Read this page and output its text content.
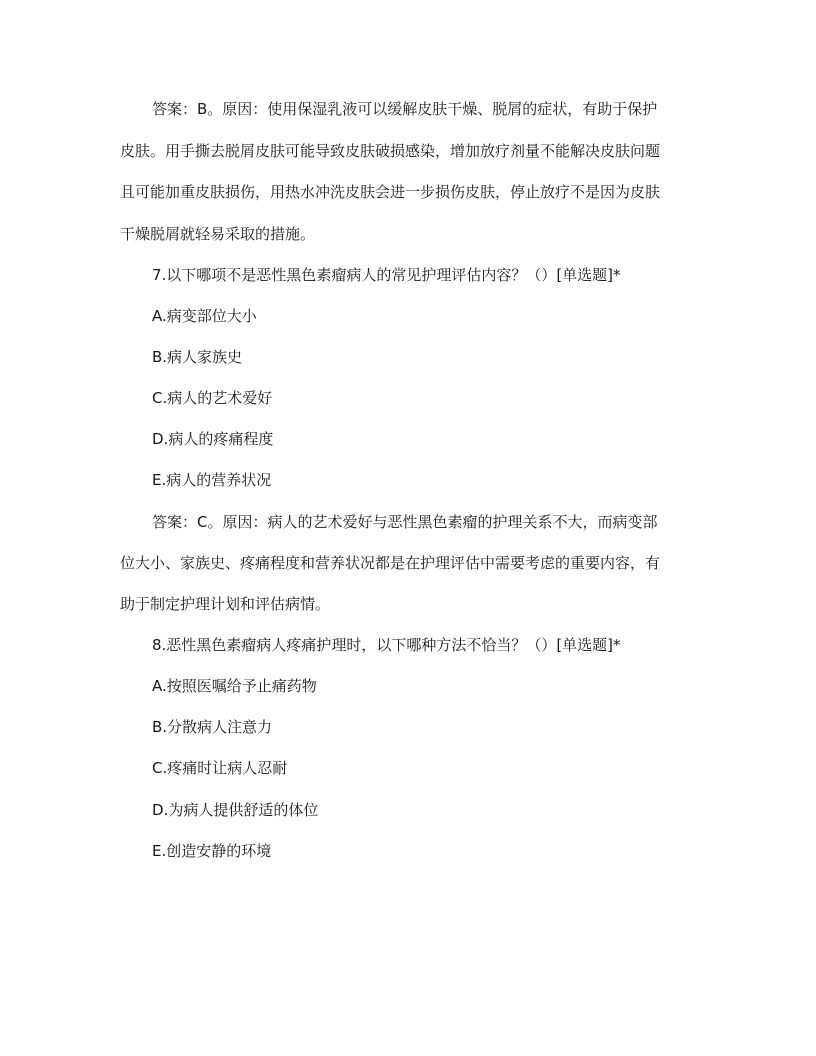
答案：B。原因：使用保湿乳液可以缓解皮肤干燥、脱屑的症状，有助于保护
皮肤。用手撕去脱屑皮肤可能导致皮肤破损感染，增加放疗剂量不能解决皮肤问题
且可能加重皮肤损伤，用热水冲洗皮肤会进一步损伤皮肤，停止放疗不是因为皮肤
干燥脱屑就轻易采取的措施。
7.以下哪项不是恶性黑色素瘤病人的常见护理评估内容？（）[单选题]*
A.病变部位大小
B.病人家族史
C.病人的艺术爱好
D.病人的疼痛程度
E.病人的营养状况
答案：C。原因：病人的艺术爱好与恶性黑色素瘤的护理关系不大，而病变部
位大小、家族史、疼痛程度和营养状况都是在护理评估中需要考虑的重要内容，有
助于制定护理计划和评估病情。
8.恶性黑色素瘤病人疼痛护理时，以下哪种方法不恰当？（）[单选题]*
A.按照医嘱给予止痛药物
B.分散病人注意力
C.疼痛时让病人忍耐
D.为病人提供舒适的体位
E.创造安静的环境
